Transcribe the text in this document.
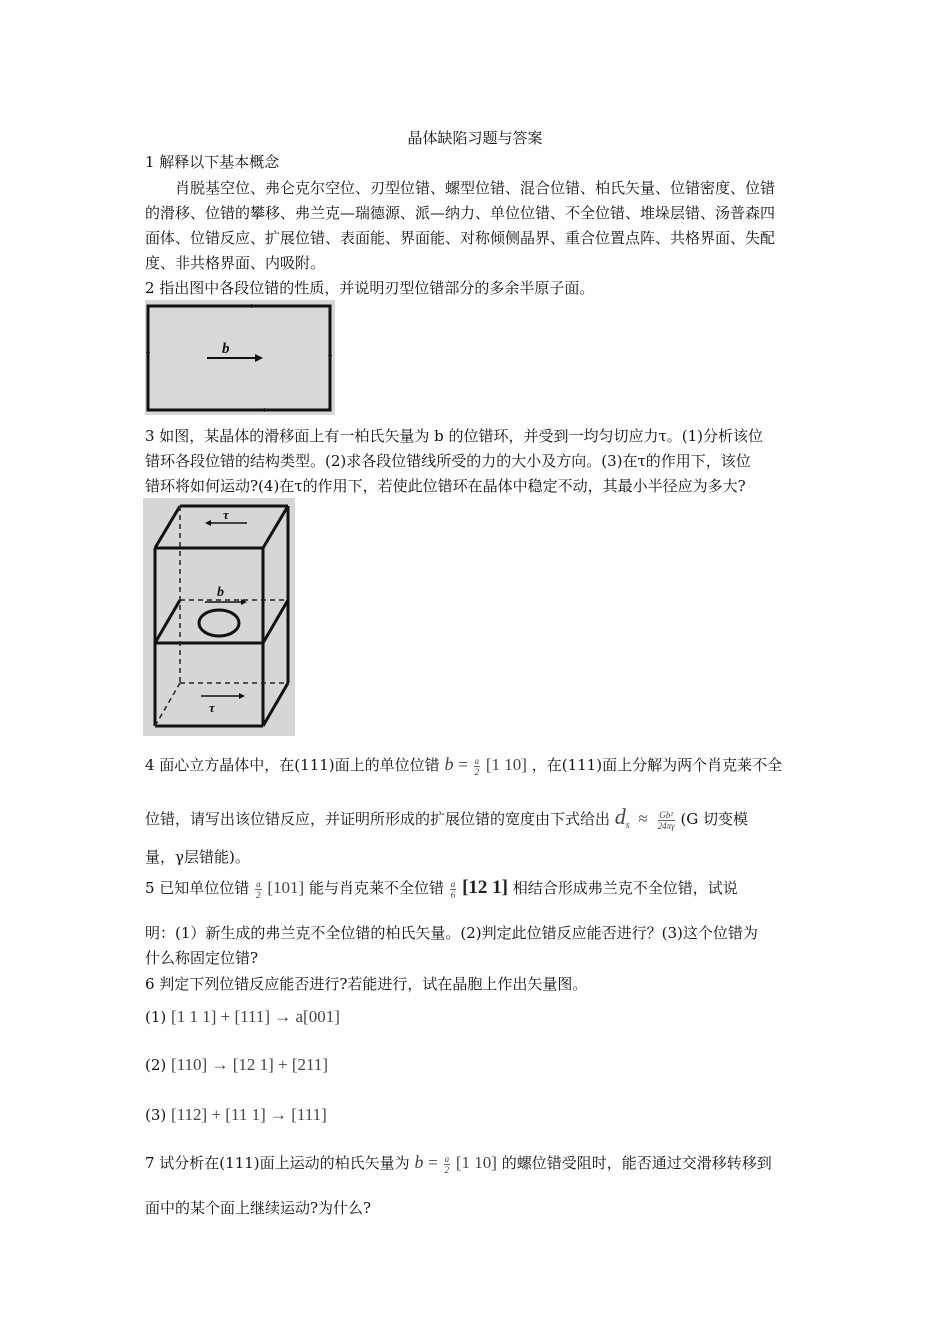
晶体缺陷习题与答案
1 解释以下基本概念
肖脱基空位、弗仑克尔空位、刃型位错、螺型位错、混合位错、柏氏矢量、位错密度、位错
的滑移、位错的攀移、弗兰克—瑞德源、派—纳力、单位位错、不全位错、堆垛层错、汤普森四
面体、位错反应、扩展位错、表面能、界面能、对称倾侧晶界、重合位置点阵、共格界面、失配
度、非共格界面、内吸附。
2 指出图中各段位错的性质，并说明刃型位错部分的多余半原子面。
b
3 如图，某晶体的滑移面上有一柏氏矢量为 b 的位错环，并受到一均匀切应力τ。(1)分析该位
错环各段位错的结构类型。(2)求各段位错线所受的力的大小及方向。(3)在τ的作用下，该位
错环将如何运动?(4)在τ的作用下，若使此位错环在晶体中稳定不动，其最小半径应为多大?
τ
b
τ
4 面心立方晶体中，在(111)面上的单位位错 $b = \frac{a}{2} [1$ 10] ，在(111)面上分解为两个肖克莱不全
位错，请写出该位错反应，并证明所形成的扩展位错的宽度由下式给出 $d_s \approx \frac{\text{Gb²}}{24\pi\gamma} (G$ 切变模
量，γ层错能)。
5 已知单位位错 $\frac{a}{2} [101]$ 能与肖克莱不全位错 $\frac{a}{6} [12$ 1] 相结合形成弗兰克不全位错，试说
明：(1）新生成的弗兰克不全位错的柏氏矢量。(2)判定此位错反应能否进行？(3)这个位错为
什么称固定位错?
6 判定下列位错反应能否进行?若能进行，试在晶胞上作出矢量图。
(1) [1 1 1] + [111] → a[001]
(2) [110] → [12 1] + [211]
(3) [112] + [11 1] → [111]
7 试分析在(111)面上运动的柏氏矢量为 $b = \frac{a}{2} [1$ 10] 的螺位错受阻时，能否通过交滑移转移到
面中的某个面上继续运动?为什么?
